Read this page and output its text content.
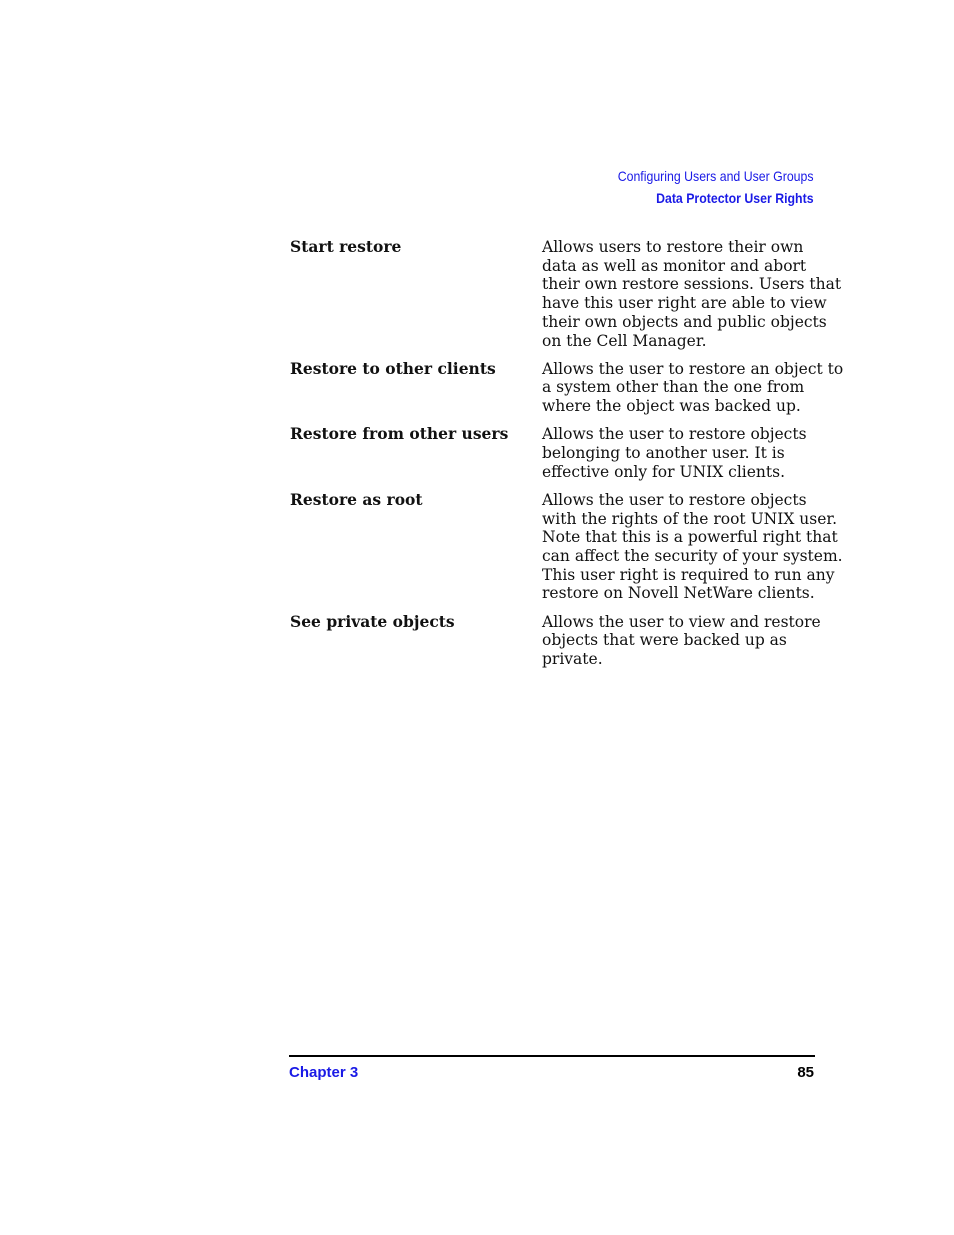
Configuring Users and User Groups
Data Protector User Rights
Start restore	Allows users to restore their own
data as well as monitor and abort
their own restore sessions. Users that
have this user right are able to view
their own objects and public objects
on the Cell Manager.
Restore to other clients	Allows the user to restore an object to
a system other than the one from
where the object was backed up.
Restore from other users	Allows the user to restore objects
belonging to another user. It is
effective only for UNIX clients.
Restore as root	Allows the user to restore objects
with the rights of the root UNIX user.
Note that this is a powerful right that
can affect the security of your system.
This user right is required to run any
restore on Novell NetWare clients.
See private objects	Allows the user to view and restore
objects that were backed up as
private.
Chapter 3	85
